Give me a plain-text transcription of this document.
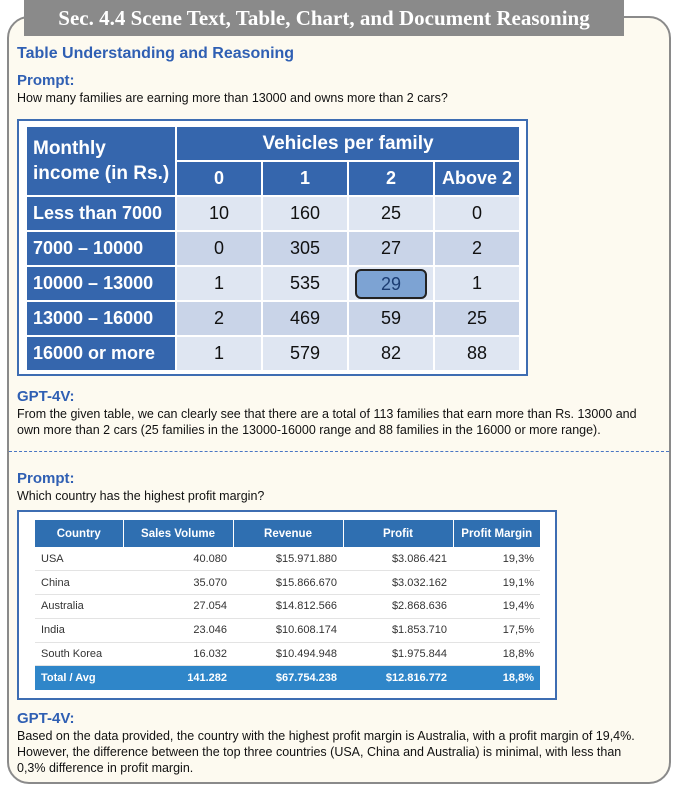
Sec. 4.4 Scene Text, Table, Chart, and Document Reasoning
Table Understanding and Reasoning
Prompt:
How many families are earning more than 13000 and owns more than 2 cars?
Monthly
income (in Rs.)	Vehicles per family			
	0	1	2	Above 2
Less than 7000	10	160	25	0
7000 – 10000	0	305	27	2
10000 – 13000	1	535	29	1
13000 – 16000	2	469	59	25
16000 or more	1	579	82	88
GPT-4V:
From the given table, we can clearly see that there are a total of 113 families that earn more than Rs. 13000 and own more than 2 cars (25 families in the 13000-16000 range and 88 families in the 16000 or more range).
Prompt:
Which country has the highest profit margin?
Country	Sales Volume	Revenue	Profit	Profit Margin
USA	40.080	$15.971.880	$3.086.421	19,3%
China	35.070	$15.866.670	$3.032.162	19,1%
Australia	27.054	$14.812.566	$2.868.636	19,4%
India	23.046	$10.608.174	$1.853.710	17,5%
South Korea	16.032	$10.494.948	$1.975.844	18,8%
Total / Avg	141.282	$67.754.238	$12.816.772	18,8%
GPT-4V:
Based on the data provided, the country with the highest profit margin is Australia, with a profit margin of 19,4%. However, the difference between the top three countries (USA, China and Australia) is minimal, with less than 0,3% difference in profit margin.
